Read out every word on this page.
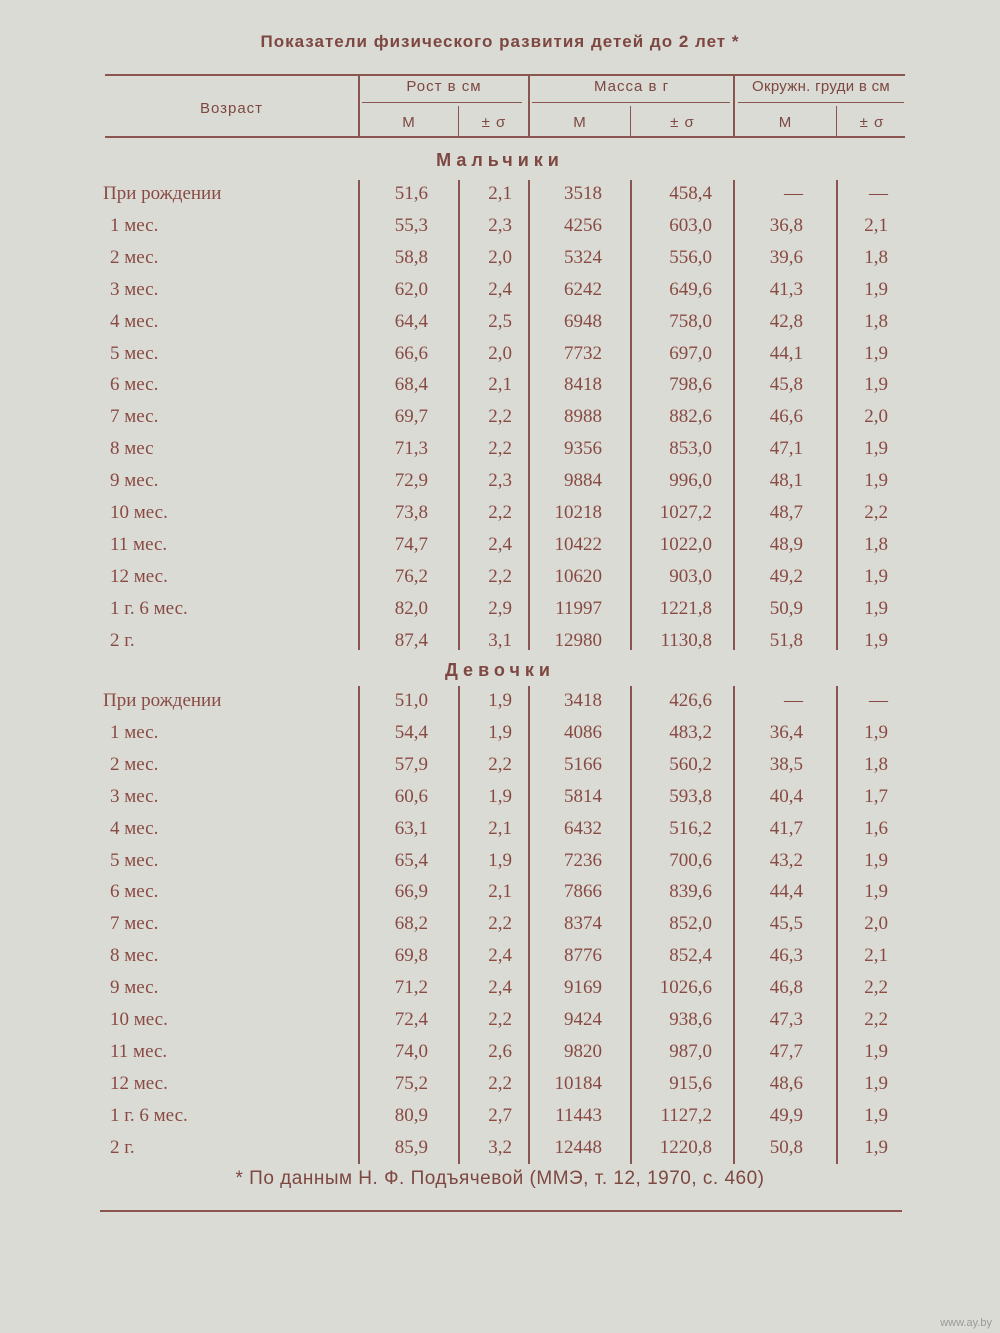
Показатели физического развития детей до 2 лет *
Возраст
Рост в см	Масса в г	Окружн. груди в см
М	± σ	М	± σ	М	± σ
Мальчики
Девочки
При рождении	51,6	2,1	3518	458,4	—	—
1 мес.	55,3	2,3	4256	603,0	36,8	2,1
2 мес.	58,8	2,0	5324	556,0	39,6	1,8
3 мес.	62,0	2,4	6242	649,6	41,3	1,9
4 мес.	64,4	2,5	6948	758,0	42,8	1,8
5 мес.	66,6	2,0	7732	697,0	44,1	1,9
6 мес.	68,4	2,1	8418	798,6	45,8	1,9
7 мес.	69,7	2,2	8988	882,6	46,6	2,0
8 мес	71,3	2,2	9356	853,0	47,1	1,9
9 мес.	72,9	2,3	9884	996,0	48,1	1,9
10 мес.	73,8	2,2	10218	1027,2	48,7	2,2
11 мес.	74,7	2,4	10422	1022,0	48,9	1,8
12 мес.	76,2	2,2	10620	903,0	49,2	1,9
1 г. 6 мес.	82,0	2,9	11997	1221,8	50,9	1,9
2 г.	87,4	3,1	12980	1130,8	51,8	1,9
При рождении	51,0	1,9	3418	426,6	—	—
1 мес.	54,4	1,9	4086	483,2	36,4	1,9
2 мес.	57,9	2,2	5166	560,2	38,5	1,8
3 мес.	60,6	1,9	5814	593,8	40,4	1,7
4 мес.	63,1	2,1	6432	516,2	41,7	1,6
5 мес.	65,4	1,9	7236	700,6	43,2	1,9
6 мес.	66,9	2,1	7866	839,6	44,4	1,9
7 мес.	68,2	2,2	8374	852,0	45,5	2,0
8 мес.	69,8	2,4	8776	852,4	46,3	2,1
9 мес.	71,2	2,4	9169	1026,6	46,8	2,2
10 мес.	72,4	2,2	9424	938,6	47,3	2,2
11 мес.	74,0	2,6	9820	987,0	47,7	1,9
12 мес.	75,2	2,2	10184	915,6	48,6	1,9
1 г. 6 мес.	80,9	2,7	11443	1127,2	49,9	1,9
2 г.	85,9	3,2	12448	1220,8	50,8	1,9
* По данным Н. Ф. Подъячевой (ММЭ, т. 12, 1970, с. 460)
www.ay.by
